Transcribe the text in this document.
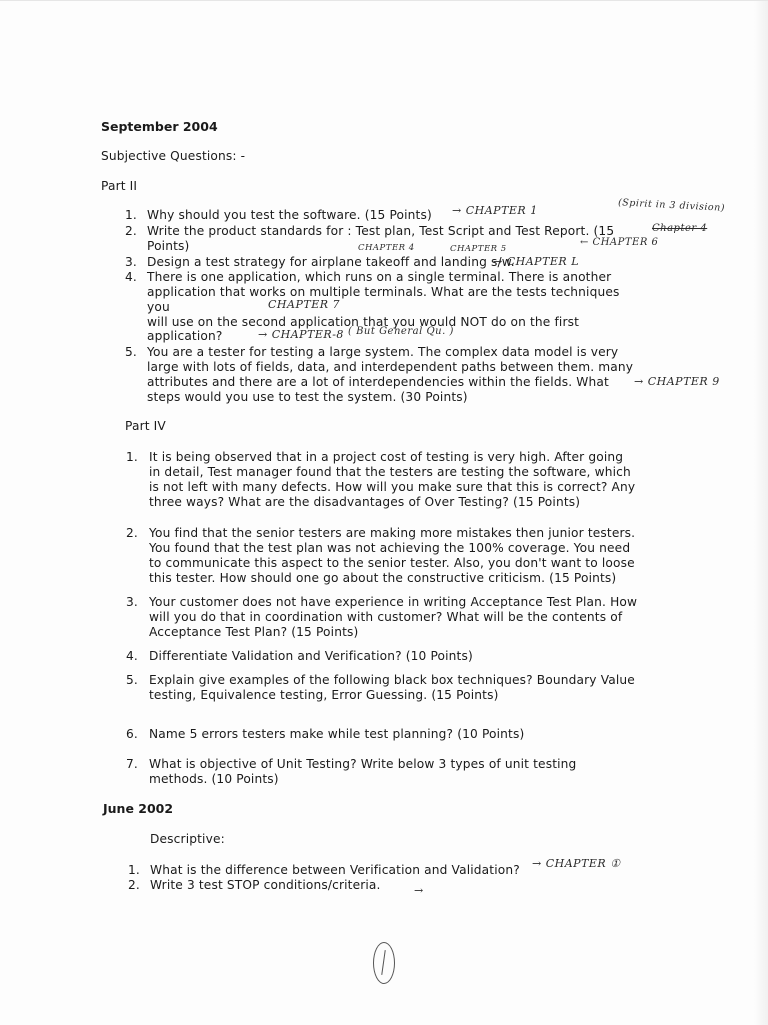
September 2004
Subjective Questions: -
Part II
1. Why should you test the software. (15 Points)
2. Write the product standards for : Test plan, Test Script and Test Report. (15
Points)
3. Design a test strategy for airplane takeoff and landing s/w.
4. There is one application, which runs on a single terminal. There is another
application that works on multiple terminals. What are the tests techniques
you
will use on the second application that you would NOT do on the first
application?
5. You are a tester for testing a large system. The complex data model is very
large with lots of fields, data, and interdependent paths between them. many
attributes and there are a lot of interdependencies within the fields. What
steps would you use to test the system. (30 Points)
Part IV
1. It is being observed that in a project cost of testing is very high. After going
in detail, Test manager found that the testers are testing the software, which
is not left with many defects. How will you make sure that this is correct? Any
three ways? What are the disadvantages of Over Testing? (15 Points)
2. You find that the senior testers are making more mistakes then junior testers.
You found that the test plan was not achieving the 100% coverage. You need
to communicate this aspect to the senior tester. Also, you don't want to loose
this tester. How should one go about the constructive criticism. (15 Points)
3. Your customer does not have experience in writing Acceptance Test Plan. How
will you do that in coordination with customer? What will be the contents of
Acceptance Test Plan? (15 Points)
4. Differentiate Validation and Verification? (10 Points)
5. Explain give examples of the following black box techniques? Boundary Value
testing, Equivalence testing, Error Guessing. (15 Points)
6. Name 5 errors testers make while test planning? (10 Points)
7. What is objective of Unit Testing? Write below 3 types of unit testing
methods. (10 Points)
June 2002
Descriptive:
1. What is the difference between Verification and Validation?
2. Write 3 test STOP conditions/criteria.
→ CHAPTER 1	(Spirit in 3 division)
Chapter 4
← CHAPTER 6
CHAPTER 4	CHAPTER 5
→ CHAPTER L
CHAPTER 7
→ CHAPTER-8 ( But General Qu. )
→ CHAPTER 9
→ CHAPTER ①
→
